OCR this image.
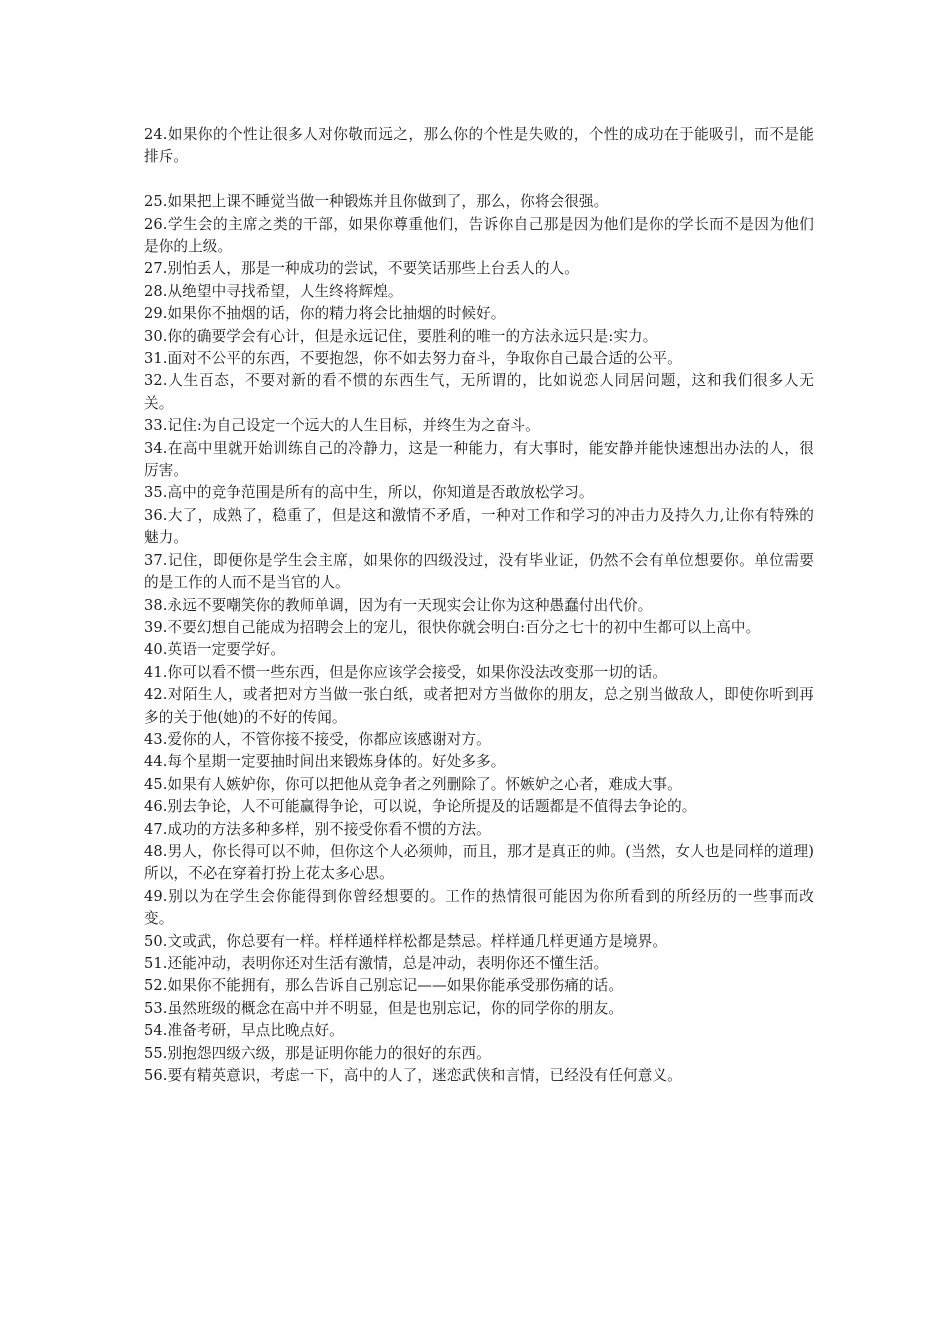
24.如果你的个性让很多人对你敬而远之，那么你的个性是失败的，个性的成功在于能吸引，而不是能排斥。

25.如果把上课不睡觉当做一种锻炼并且你做到了，那么，你将会很强。

26.学生会的主席之类的干部，如果你尊重他们，告诉你自己那是因为他们是你的学长而不是因为他们是你的上级。

27.别怕丢人，那是一种成功的尝试，不要笑话那些上台丢人的人。

28.从绝望中寻找希望，人生终将辉煌。

29.如果你不抽烟的话，你的精力将会比抽烟的时候好。

30.你的确要学会有心计，但是永远记住，要胜利的唯一的方法永远只是:实力。

31.面对不公平的东西，不要抱怨，你不如去努力奋斗，争取你自己最合适的公平。

32.人生百态，不要对新的看不惯的东西生气，无所谓的，比如说恋人同居问题，这和我们很多人无关。

33.记住:为自己设定一个远大的人生目标，并终生为之奋斗。

34.在高中里就开始训练自己的冷静力，这是一种能力，有大事时，能安静并能快速想出办法的人，很厉害。

35.高中的竞争范围是所有的高中生，所以，你知道是否敢放松学习。

36.大了，成熟了，稳重了，但是这和激情不矛盾，一种对工作和学习的冲击力及持久力,让你有特殊的魅力。

37.记住，即便你是学生会主席，如果你的四级没过，没有毕业证，仍然不会有单位想要你。单位需要的是工作的人而不是当官的人。

38.永远不要嘲笑你的教师单调，因为有一天现实会让你为这种愚蠢付出代价。

39.不要幻想自己能成为招聘会上的宠儿，很快你就会明白:百分之七十的初中生都可以上高中。

40.英语一定要学好。

41.你可以看不惯一些东西，但是你应该学会接受，如果你没法改变那一切的话。

42.对陌生人，或者把对方当做一张白纸，或者把对方当做你的朋友，总之别当做敌人，即使你听到再多的关于他(她)的不好的传闻。

43.爱你的人，不管你接不接受，你都应该感谢对方。

44.每个星期一定要抽时间出来锻炼身体的。好处多多。

45.如果有人嫉妒你，你可以把他从竞争者之列删除了。怀嫉妒之心者，难成大事。

46.别去争论，人不可能赢得争论，可以说，争论所提及的话题都是不值得去争论的。

47.成功的方法多种多样，别不接受你看不惯的方法。

48.男人，你长得可以不帅，但你这个人必须帅，而且，那才是真正的帅。(当然，女人也是同样的道理)所以，不必在穿着打扮上花太多心思。

49.别以为在学生会你能得到你曾经想要的。工作的热情很可能因为你所看到的所经历的一些事而改变。

50.文或武，你总要有一样。样样通样样松都是禁忌。样样通几样更通方是境界。

51.还能冲动，表明你还对生活有激情，总是冲动，表明你还不懂生活。

52.如果你不能拥有，那么告诉自己别忘记——如果你能承受那伤痛的话。

53.虽然班级的概念在高中并不明显，但是也别忘记，你的同学你的朋友。

54.准备考研，早点比晚点好。

55.别抱怨四级六级，那是证明你能力的很好的东西。

56.要有精英意识，考虑一下，高中的人了，迷恋武侠和言情，已经没有任何意义。
